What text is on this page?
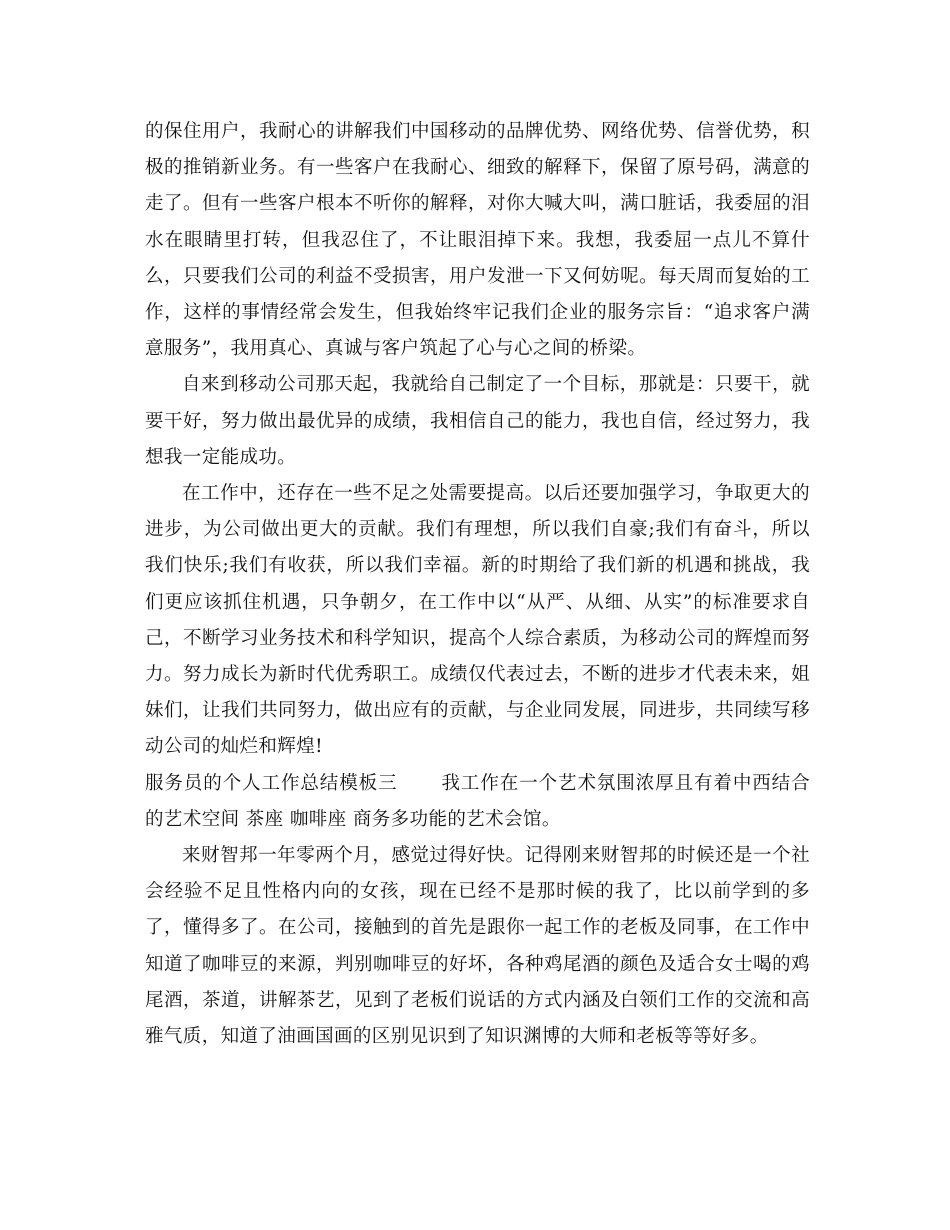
的保住用户，我耐心的讲解我们中国移动的品牌优势、网络优势、信誉优势，积极的推销新业务。有一些客户在我耐心、细致的解释下，保留了原号码，满意的走了。但有一些客户根本不听你的解释，对你大喊大叫，满口脏话，我委屈的泪水在眼睛里打转，但我忍住了，不让眼泪掉下来。我想，我委屈一点儿不算什么，只要我们公司的利益不受损害，用户发泄一下又何妨呢。每天周而复始的工作，这样的事情经常会发生，但我始终牢记我们企业的服务宗旨：“追求客户满意服务”，我用真心、真诚与客户筑起了心与心之间的桥梁。

自来到移动公司那天起，我就给自己制定了一个目标，那就是：只要干，就要干好，努力做出最优异的成绩，我相信自己的能力，我也自信，经过努力，我想我一定能成功。

在工作中，还存在一些不足之处需要提高。以后还要加强学习，争取更大的进步，为公司做出更大的贡献。我们有理想，所以我们自豪;我们有奋斗，所以我们快乐;我们有收获，所以我们幸福。新的时期给了我们新的机遇和挑战，我们更应该抓住机遇，只争朝夕，在工作中以“从严、从细、从实”的标准要求自己，不断学习业务技术和科学知识，提高个人综合素质，为移动公司的辉煌而努力。努力成长为新时代优秀职工。成绩仅代表过去，不断的进步才代表未来，姐妹们，让我们共同努力，做出应有的贡献，与企业同发展，同进步，共同续写移动公司的灿烂和辉煌!

服务员的个人工作总结模板三 我工作在一个艺术氛围浓厚且有着中西结合的艺术空间 茶座 咖啡座 商务多功能的艺术会馆。

来财智邦一年零两个月，感觉过得好快。记得刚来财智邦的时候还是一个社会经验不足且性格内向的女孩，现在已经不是那时候的我了，比以前学到的多了，懂得多了。在公司，接触到的首先是跟你一起工作的老板及同事，在工作中知道了咖啡豆的来源，判别咖啡豆的好坏，各种鸡尾酒的颜色及适合女士喝的鸡尾酒，茶道，讲解茶艺，见到了老板们说话的方式内涵及白领们工作的交流和高雅气质，知道了油画国画的区别见识到了知识渊博的大师和老板等等好多。
